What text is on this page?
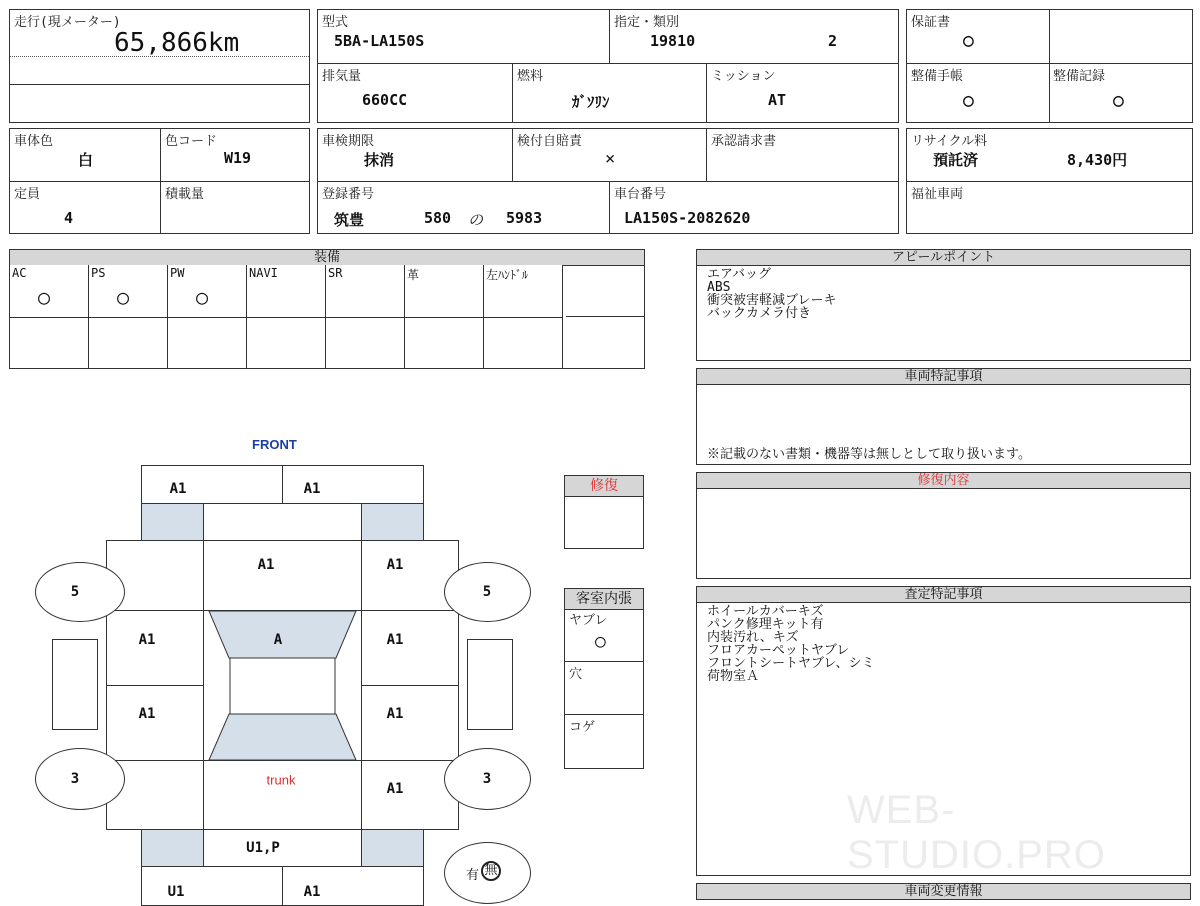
走行(現メーター)
65,866km
型式
5BA-LA150S
指定・類別
19810	2
排気量
660CC
燃料
ｶﾞｿﾘﾝ
ミッション
AT
保証書
○
整備手帳
○
整備記録
○
車体色
白
色コード
W19
定員
4
積載量
車検期限
抹消
検付自賠責
×
承認請求書
登録番号
筑豊	580 の 5983
車台番号
LA150S-2082620
リサイクル料
預託済	8,430円
福祉車両
装備
AC
○
PS
○
PW
○
NAVI	SR	革	左ﾊﾝﾄﾞﾙ
アピールポイント
エアバッグ
ABS
衝突被害軽減ブレーキ
バックカメラ付き
車両特記事項
※記載のない書類・機器等は無しとして取り扱います。
修復内容
査定特記事項
ホイールカバーキズ
パンク修理キット有
内装汚れ、キズ
フロアカーペットヤブレ
フロントシートヤブレ、シミ
荷物室Ａ
WEB-STUDIO.PRO
車両変更情報
修復
客室内張
ヤブレ
○
穴
コゲ
FRONT
A1	A1
A1	A1
A1	A1
A1	A1
A
trunk
A1
U1,P
U1	A1
5	5
3	3
有 無
